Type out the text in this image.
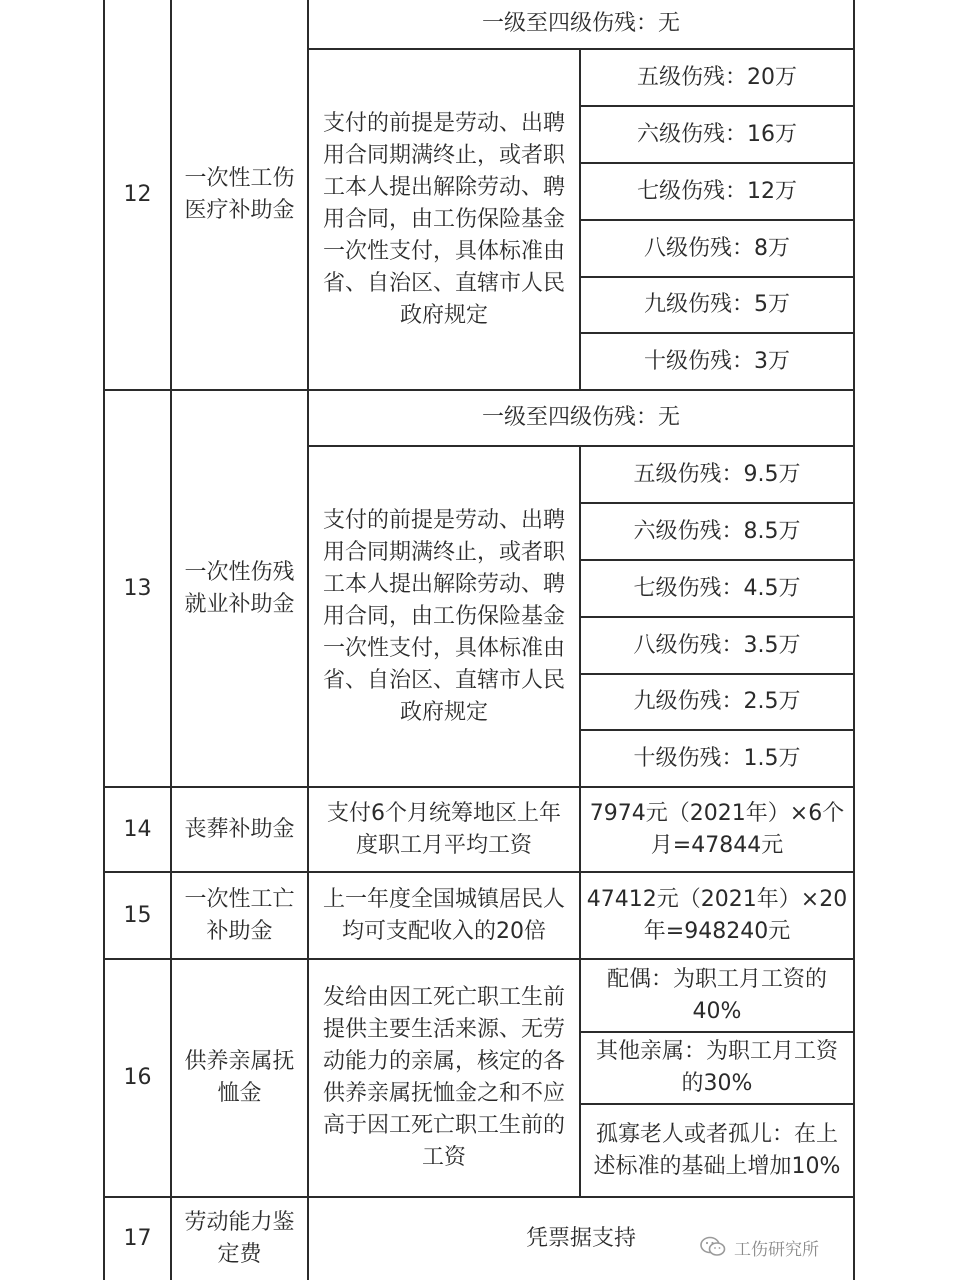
12
一次性工伤
医疗补助金
一级至四级伤残：无
支付的前提是劳动、出聘
用合同期满终止，或者职
工本人提出解除劳动、聘
用合同，由工伤保险基金
一次性支付，具体标准由
省、自治区、直辖市人民
政府规定
五级伤残：20万
六级伤残：16万
七级伤残：12万
八级伤残：8万
九级伤残：5万
十级伤残：3万
13
一次性伤残
就业补助金
一级至四级伤残：无
支付的前提是劳动、出聘
用合同期满终止，或者职
工本人提出解除劳动、聘
用合同，由工伤保险基金
一次性支付，具体标准由
省、自治区、直辖市人民
政府规定
五级伤残：9.5万
六级伤残：8.5万
七级伤残：4.5万
八级伤残：3.5万
九级伤残：2.5万
十级伤残：1.5万
14	丧葬补助金
支付6个月统筹地区上年
度职工月平均工资
7974元（2021年）×6个
月=47844元
15
一次性工亡
补助金
上一年度全国城镇居民人
均可支配收入的20倍
47412元（2021年）×20
年=948240元
16
供养亲属抚
恤金
发给由因工死亡职工生前
提供主要生活来源、无劳
动能力的亲属，核定的各
供养亲属抚恤金之和不应
高于因工死亡职工生前的
工资
配偶：为职工月工资的
40%
其他亲属：为职工月工资
的30%
孤寡老人或者孤儿：在上
述标准的基础上增加10%
17
劳动能力鉴
定费
凭票据支持	工伤研究所
